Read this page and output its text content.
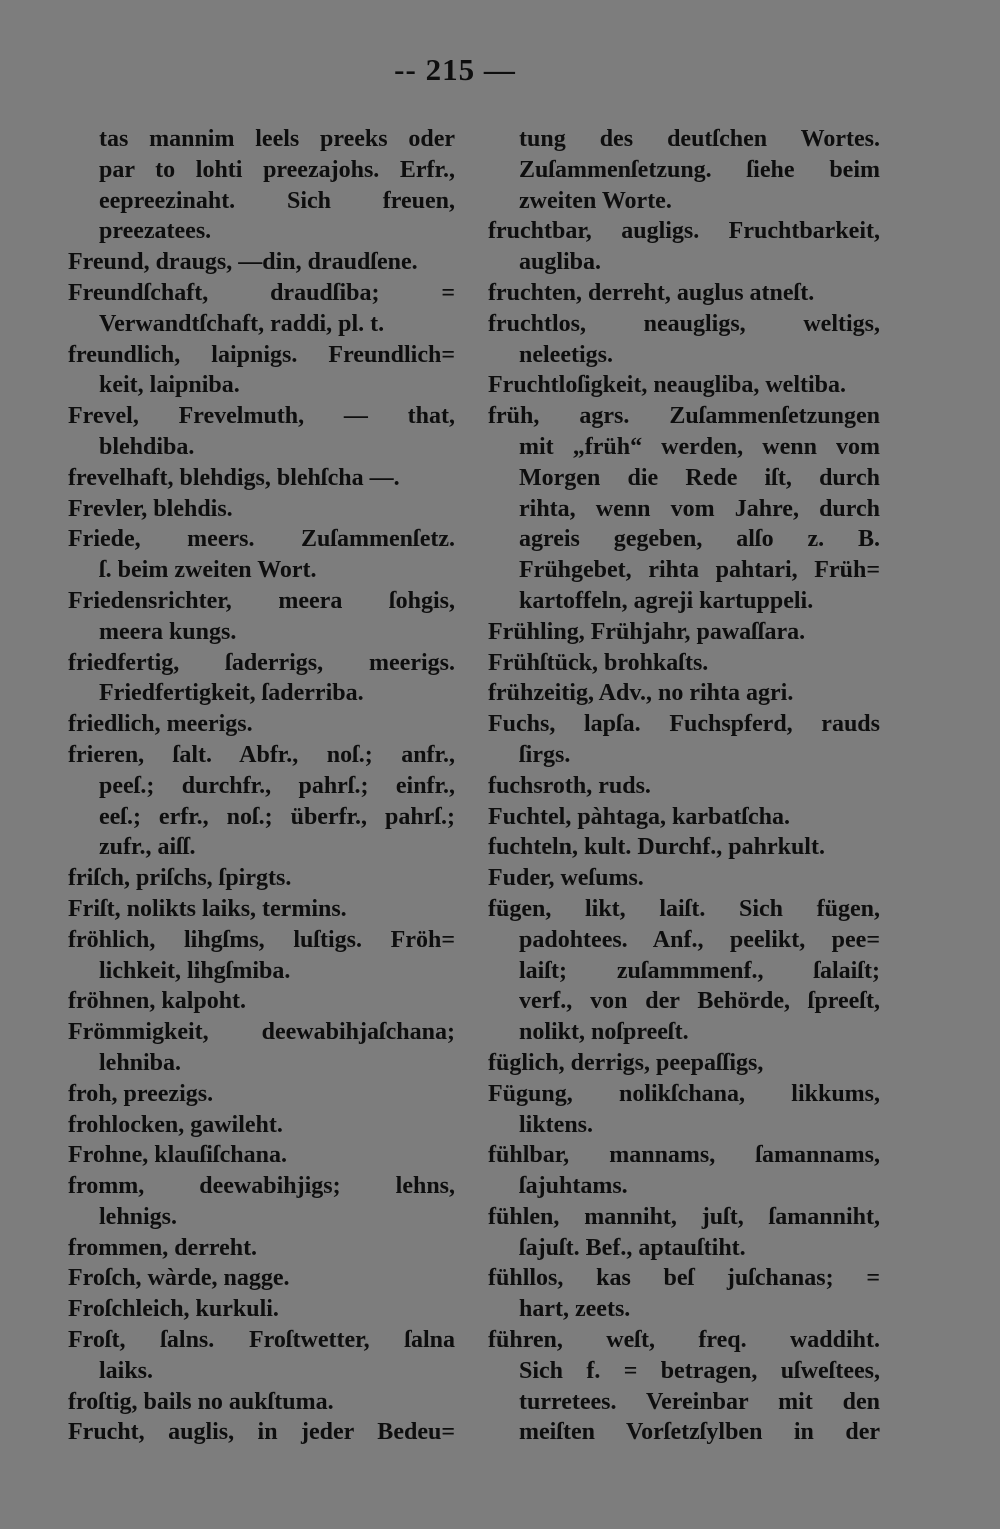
-- 215 —
tas mannim leels preeks oder
par to lohti preezajohs. Erfr.,
eepreezinaht. Sich freuen,
preezatees.
Freund, draugs, —din, draudſene.
Freundſchaft, draudſiba; =
Verwandtſchaft, raddi, pl. t.
freundlich, laipnigs. Freundlich=
keit, laipniba.
Frevel, Frevelmuth, — that,
blehdiba.
frevelhaft, blehdigs, blehſcha —.
Frevler, blehdis.
Friede, meers. Zuſammenſetz.
ſ. beim zweiten Wort.
Friedensrichter, meera ſohgis,
meera kungs.
friedfertig, ſaderrigs, meerigs.
Friedfertigkeit, ſaderriba.
friedlich, meerigs.
frieren, ſalt. Abfr., noſ.; anfr.,
peeſ.; durchfr., pahrſ.; einfr.,
eeſ.; erfr., noſ.; überfr., pahrſ.;
zufr., aiſſ.
friſch, priſchs, ſpirgts.
Friſt, nolikts laiks, termins.
fröhlich, lihgſms, luſtigs. Fröh=
lichkeit, lihgſmiba.
fröhnen, kalpoht.
Frömmigkeit, deewabihjaſchana;
lehniba.
froh, preezigs.
frohlocken, gawileht.
Frohne, klauſiſchana.
fromm, deewabihjigs; lehns,
lehnigs.
frommen, derreht.
Froſch, wàrde, nagge.
Froſchleich, kurkuli.
Froſt, ſalns. Froſtwetter, ſalna
laiks.
froſtig, bails no aukſtuma.
Frucht, auglis, in jeder Bedeu=
tung des deutſchen Wortes.
Zuſammenſetzung. ſiehe beim
zweiten Worte.
fruchtbar, augligs. Fruchtbarkeit,
augliba.
fruchten, derreht, auglus atneſt.
fruchtlos, neaugligs, weltigs,
neleetigs.
Fruchtloſigkeit, neaugliba, weltiba.
früh, agrs. Zuſammenſetzungen
mit „früh“ werden, wenn vom
Morgen die Rede iſt, durch
rihta, wenn vom Jahre, durch
agreis gegeben, alſo z. B.
Frühgebet, rihta pahtari, Früh=
kartoffeln, agreji kartuppeli.
Frühling, Frühjahr, pawaſſara.
Frühſtück, brohkaſts.
frühzeitig, Adv., no rihta agri.
Fuchs, lapſa. Fuchspferd, rauds
ſirgs.
fuchsroth, ruds.
Fuchtel, pàhtaga, karbatſcha.
fuchteln, kult. Durchf., pahrkult.
Fuder, weſums.
fügen, likt, laiſt. Sich fügen,
padohtees. Anf., peelikt, pee=
laiſt; zuſammmenf., ſalaiſt;
verf., von der Behörde, ſpreeſt,
nolikt, noſpreeſt.
füglich, derrigs, peepaſſigs,
Fügung, nolikſchana, likkums,
liktens.
fühlbar, mannams, ſamannams,
ſajuhtams.
fühlen, manniht, juſt, ſamanniht,
ſajuſt. Bef., aptauſtiht.
fühllos, kas beſ juſchanas; =
hart, zeets.
führen, weſt, freq. waddiht.
Sich f. = betragen, uſweſtees,
turretees. Vereinbar mit den
meiſten Vorſetzſylben in der
